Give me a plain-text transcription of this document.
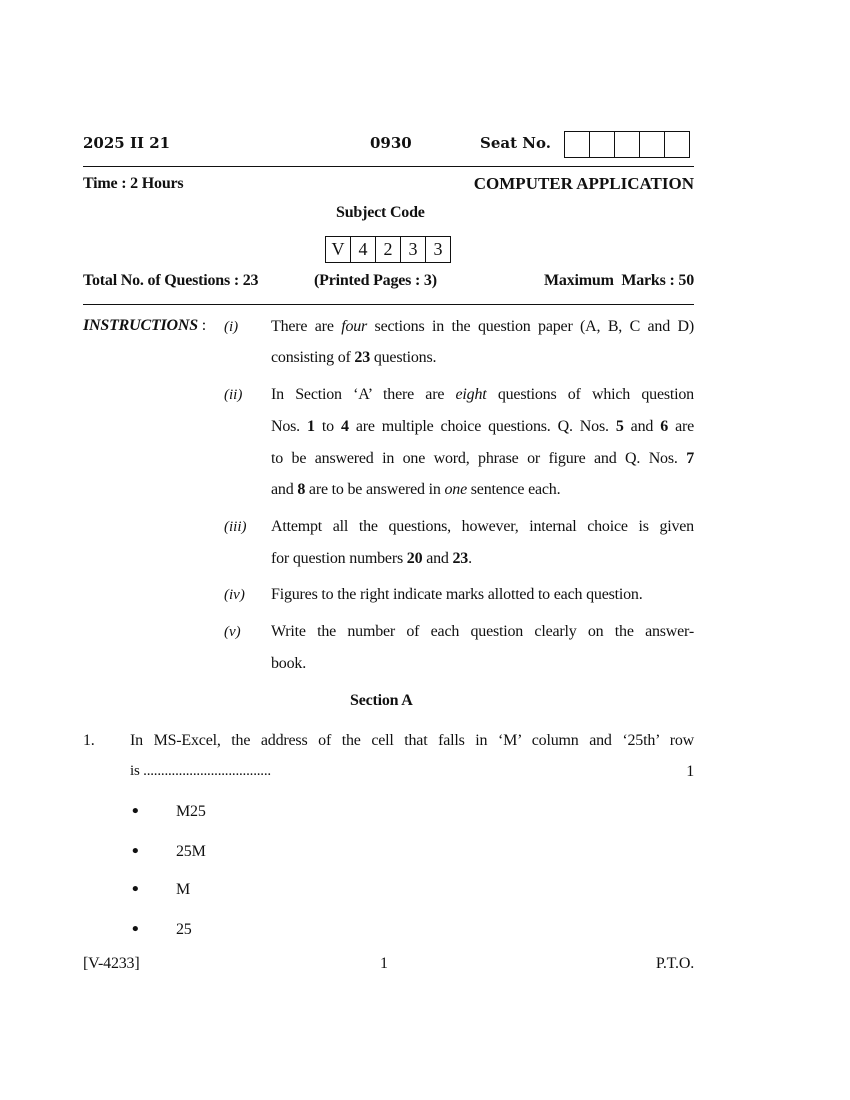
2025 II 21	0930	Seat No.
Time : 2 Hours	COMPUTER APPLICATION
Subject Code
V 4 2 3 3
Total No. of Questions : 23	(Printed Pages : 3)	Maximum  Marks : 50
INSTRUCTIONS : (i) There are four sections in the question paper (A, B, C and D)
consisting of 23 questions.
(ii) In Section ‘A’ there are eight questions of which question
Nos. 1 to 4 are multiple choice questions. Q. Nos. 5 and 6 are
to be answered in one word, phrase or figure and Q. Nos. 7
and 8 are to be answered in one sentence each.
(iii) Attempt all the questions, however, internal choice is given
for question numbers 20 and 23.
(iv) Figures to the right indicate marks allotted to each question.
(v) Write the number of each question clearly on the answer-
book.
Section A
1. In MS-Excel, the address of the cell that falls in ‘M’ column and ‘25th’ row
is ....................................	1
• M25
• 25M
• M
• 25
[V-4233]	1	P.T.O.
